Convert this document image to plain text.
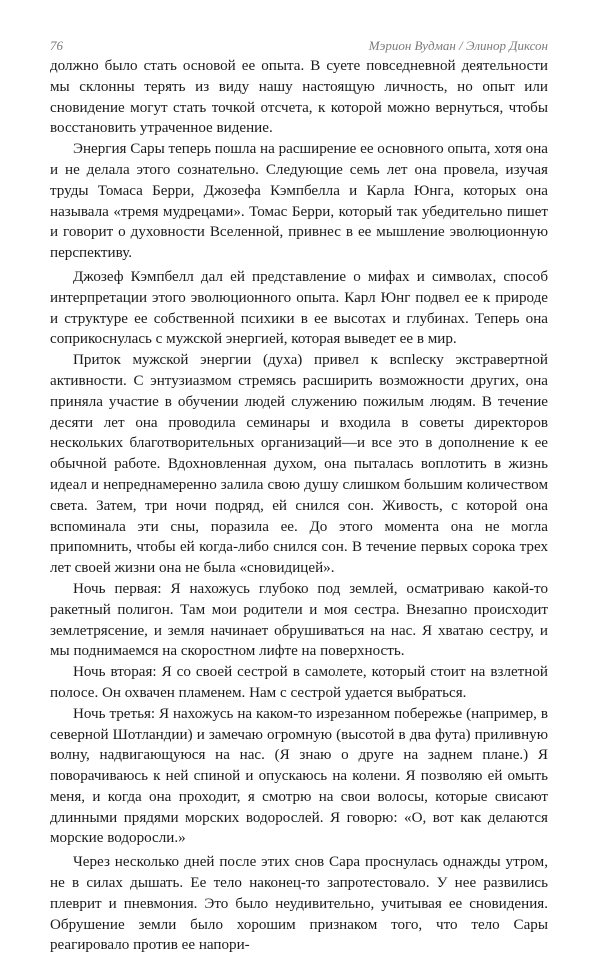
76	Мэрион Вудман / Элинор Диксон

должно было стать основой ее опыта. В суете повседневной деятельности мы склонны терять из виду нашу настоящую личность, но опыт или сновидение могут стать точкой отсчета, к которой можно вернуться, чтобы восстановить утраченное видение.

Энергия Сары теперь пошла на расширение ее основного опыта, хотя она и не делала этого сознательно. Следующие семь лет она провела, изучая труды Томаса Берри, Джозефа Кэмпбелла и Карла Юнга, которых она называла «тремя мудрецами». Томас Берри, который так убедительно пишет и говорит о духовности Вселенной, привнес в ее мышление эволюционную перспективу.

Джозеф Кэмпбелл дал ей представление о мифах и символах, способ интерпретации этого эволюционного опыта. Карл Юнг подвел ее к природе и структуре ее собственной психики в ее высотах и глубинах. Теперь она соприкоснулась с мужской энергией, которая выведет ее в мир.

Приток мужской энергии (духа) привел к вспleску экстравертной активности. С энтузиазмом стремясь расширить возможности других, она приняла участие в обучении людей служению пожилым людям. В течение десяти лет она проводила семинары и входила в советы директоров нескольких благотворительных организаций—и все это в дополнение к ее обычной работе. Вдохновленная духом, она пыталась воплотить в жизнь идеал и непреднамеренно залила свою душу слишком большим количеством света. Затем, три ночи подряд, ей снился сон. Живость, с которой она вспоминала эти сны, поразила ее. До этого момента она не могла припомнить, чтобы ей когда-либо снился сон. В течение первых сорока трех лет своей жизни она не была «сновидицей».

Ночь первая: Я нахожусь глубоко под землей, осматриваю какой-то ракетный полигон. Там мои родители и моя сестра. Внезапно происходит землетрясение, и земля начинает обрушиваться на нас. Я хватаю сестру, и мы поднимаемся на скоростном лифте на поверхность.

Ночь вторая: Я со своей сестрой в самолете, который стоит на взлетной полосе. Он охвачен пламенем. Нам с сестрой удается выбраться.

Ночь третья: Я нахожусь на каком-то изрезанном побережье (например, в северной Шотландии) и замечаю огромную (высотой в два фута) приливную волну, надвигающуюся на нас. (Я знаю о друге на заднем плане.) Я поворачиваюсь к ней спиной и опускаюсь на колени. Я позволяю ей омыть меня, и когда она проходит, я смотрю на свои волосы, которые свисают длинными прядями морских водорослей. Я говорю: «О, вот как делаются морские водоросли.»

Через несколько дней после этих снов Сара проснулась однажды утром, не в силах дышать. Ее тело наконец-то запротестовало. У нее развились плеврит и пневмония. Это было неудивительно, учитывая ее сновидения. Обрушение земли было хорошим признаком того, что тело Сары реагировало против ее напори-
